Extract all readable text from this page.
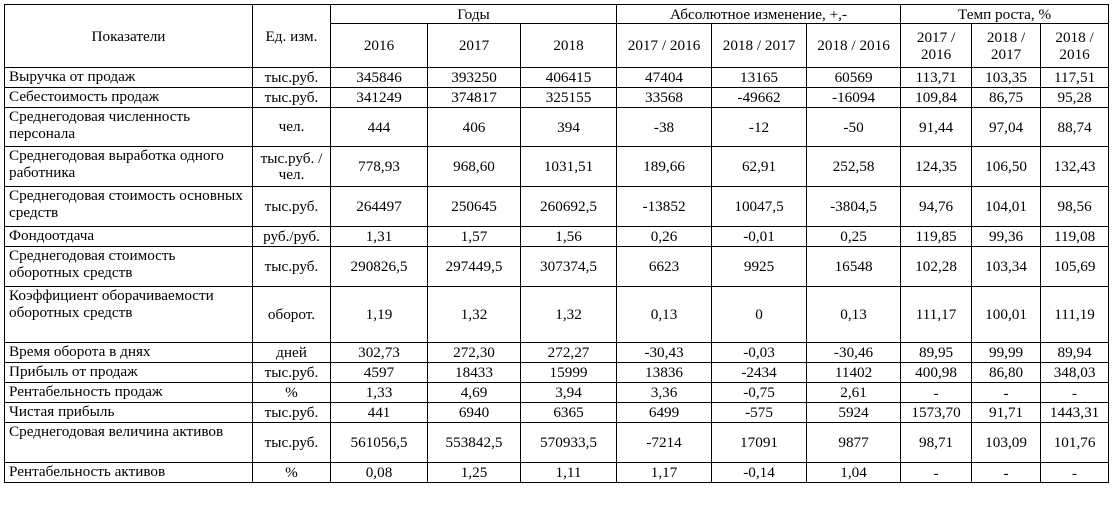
Показатели	Ед. изм.	Годы			Абсолютное изменение, +,-			Темп роста, %		
		2016	2017	2018	2017 / 2016	2018 / 2017	2018 / 2016	2017 / 2016	2018 / 2017	2018 / 2016
Выручка от продаж	тыс.руб.	345846	393250	406415	47404	13165	60569	113,71	103,35	117,51
Себестоимость продаж	тыс.руб.	341249	374817	325155	33568	-49662	-16094	109,84	86,75	95,28
Среднегодовая численность персонала	чел.	444	406	394	-38	-12	-50	91,44	97,04	88,74
Среднегодовая выработка одного работника	тыс.руб. / чел.	778,93	968,60	1031,51	189,66	62,91	252,58	124,35	106,50	132,43
Среднегодовая стоимость основных средств	тыс.руб.	264497	250645	260692,5	-13852	10047,5	-3804,5	94,76	104,01	98,56
Фондоотдача	руб./руб.	1,31	1,57	1,56	0,26	-0,01	0,25	119,85	99,36	119,08
Среднегодовая стоимость оборотных средств	тыс.руб.	290826,5	297449,5	307374,5	6623	9925	16548	102,28	103,34	105,69
Коэффициент оборачиваемости оборотных средств	оборот.	1,19	1,32	1,32	0,13	0	0,13	111,17	100,01	111,19
Время оборота в днях	дней	302,73	272,30	272,27	-30,43	-0,03	-30,46	89,95	99,99	89,94
Прибыль от продаж	тыс.руб.	4597	18433	15999	13836	-2434	11402	400,98	86,80	348,03
Рентабельность продаж	%	1,33	4,69	3,94	3,36	-0,75	2,61	-	-	-
Чистая прибыль	тыс.руб.	441	6940	6365	6499	-575	5924	1573,70	91,71	1443,31
Среднегодовая величина активов	тыс.руб.	561056,5	553842,5	570933,5	-7214	17091	9877	98,71	103,09	101,76
Рентабельность активов	%	0,08	1,25	1,11	1,17	-0,14	1,04	-	-	-
